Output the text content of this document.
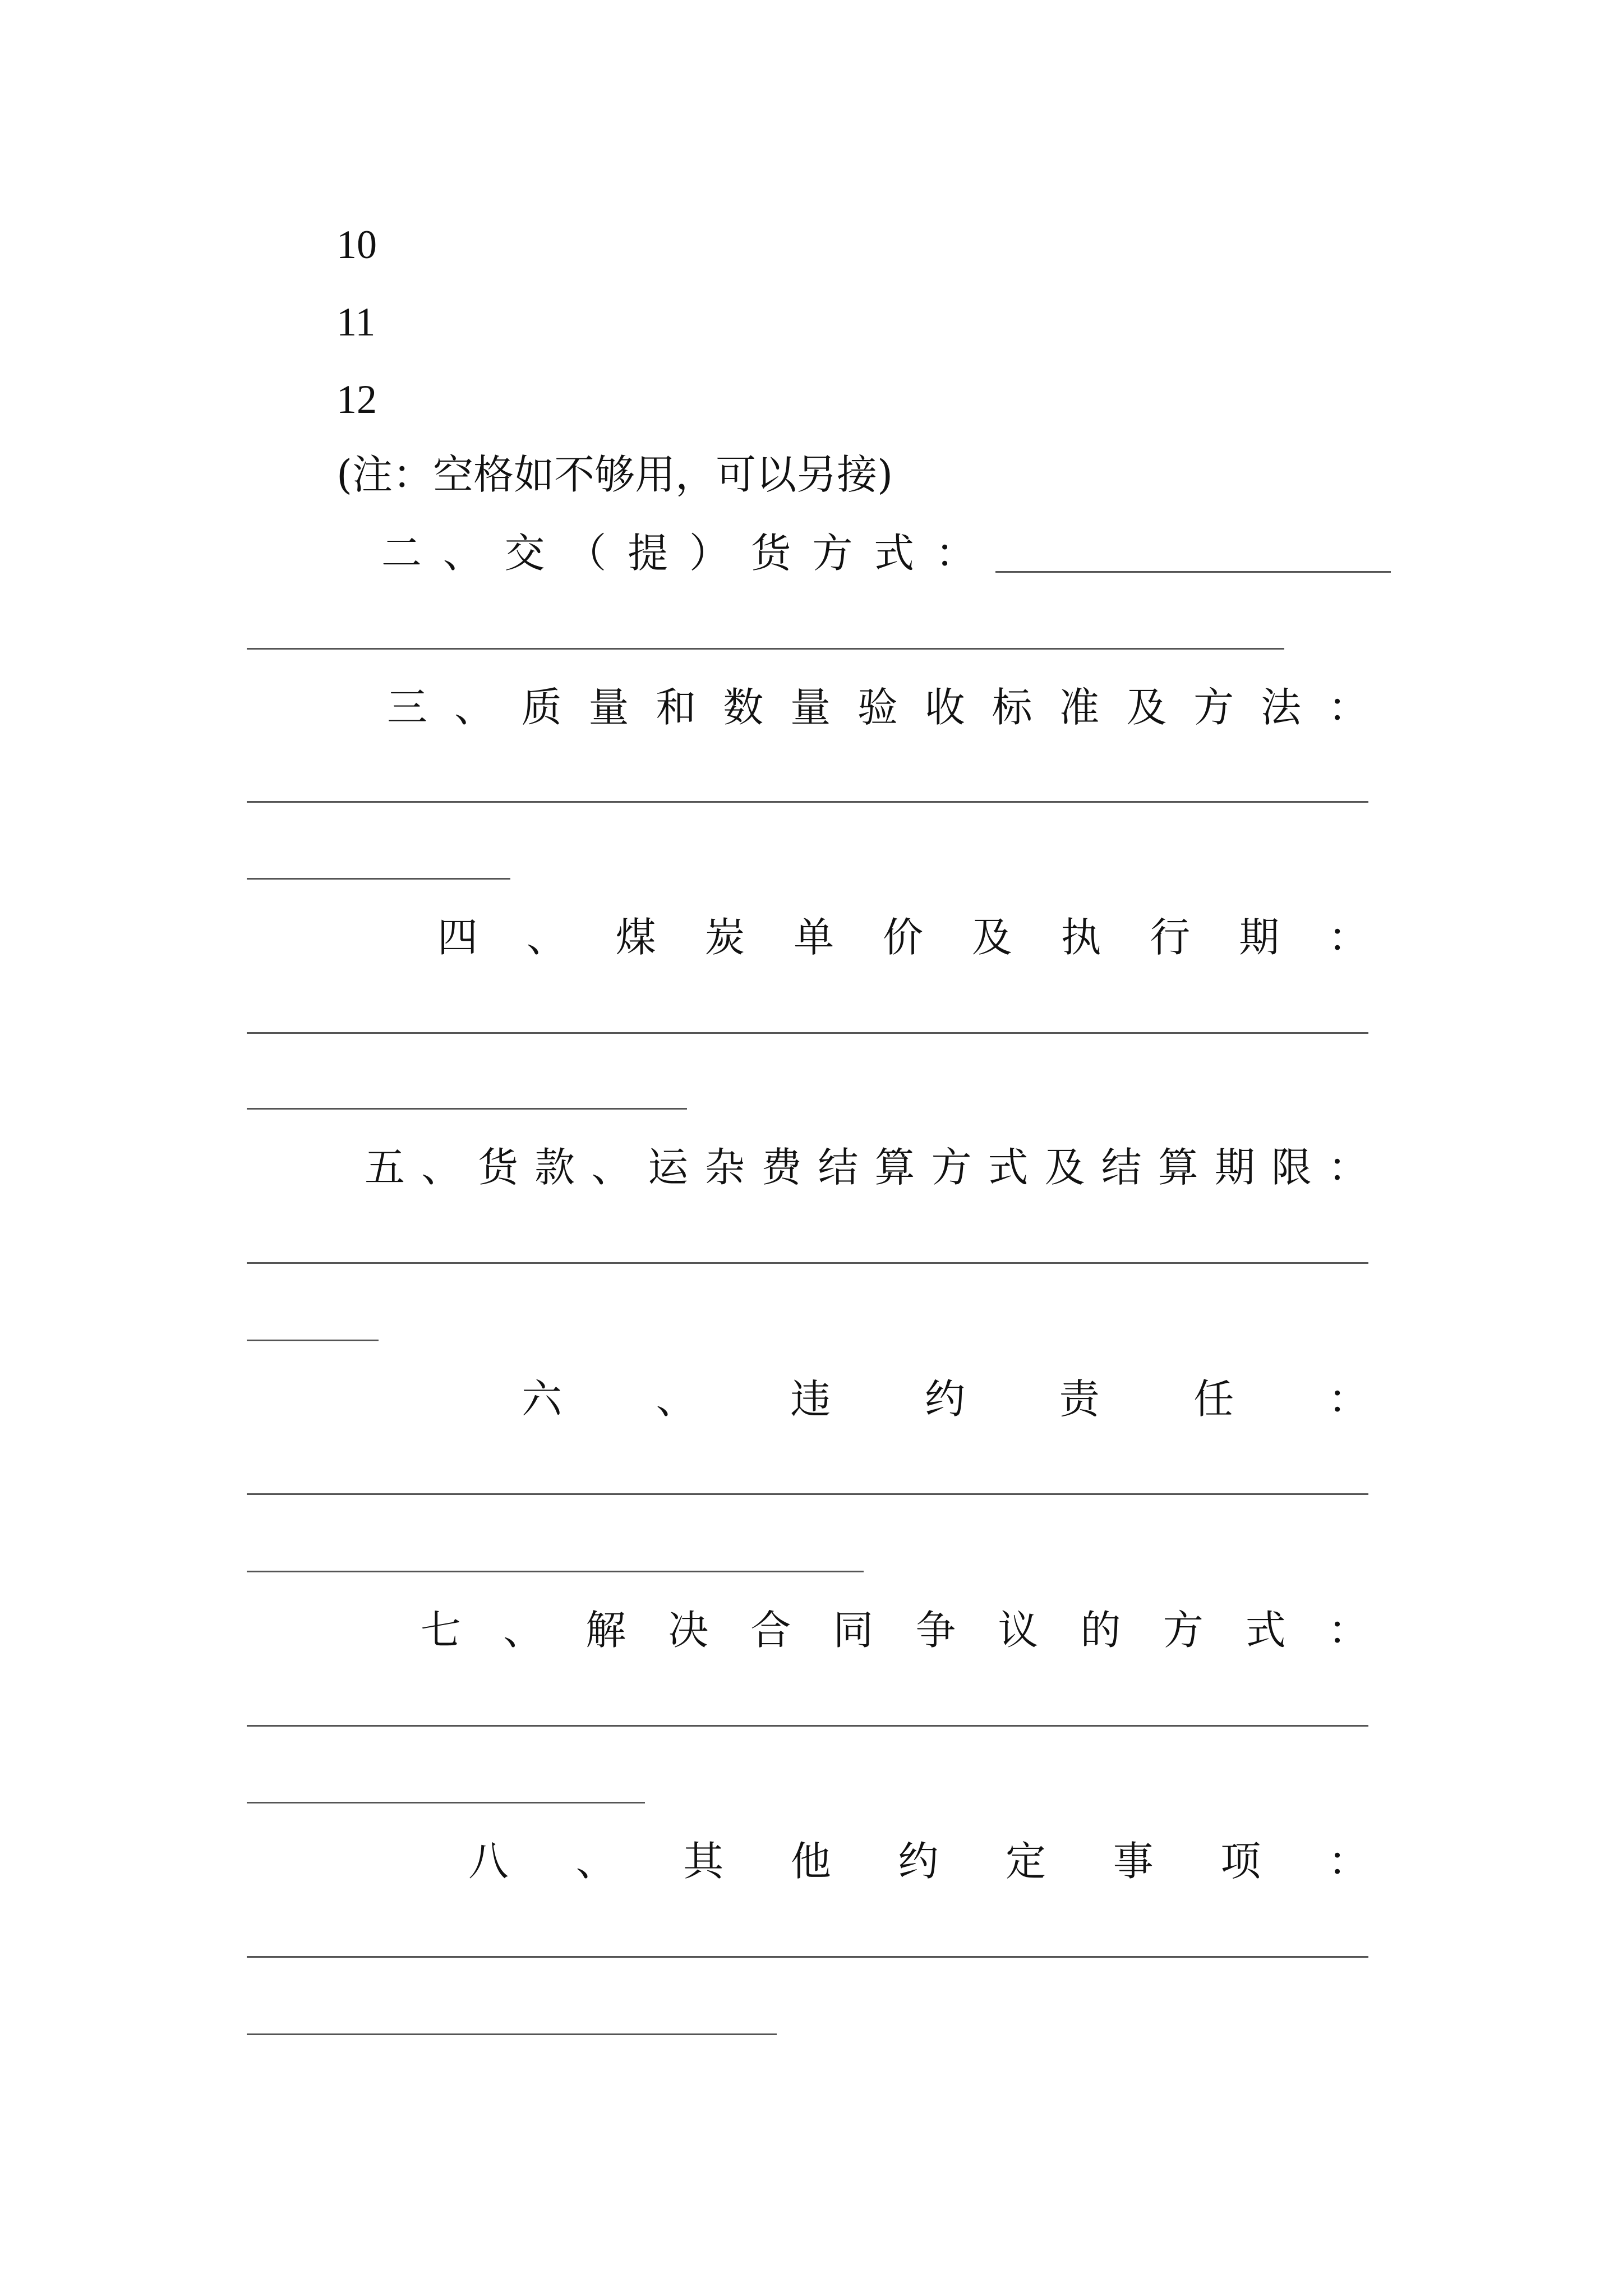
10
11
12
(注：空格如不够用，可以另接)
二 、 交 （ 提 ） 货 方 式 ：
三 、 质 量 和 数 量 验 收 标 准 及 方 法 ：
四 、 煤 炭 单 价 及 执 行 期 ：
五 、 货 款 、 运 杂 费 结 算 方 式 及 结 算 期 限 ：
六 、 违 约 责 任 ：
七 、 解 决 合 同 争 议 的 方 式 ：
八 、 其 他 约 定 事 项 ：
